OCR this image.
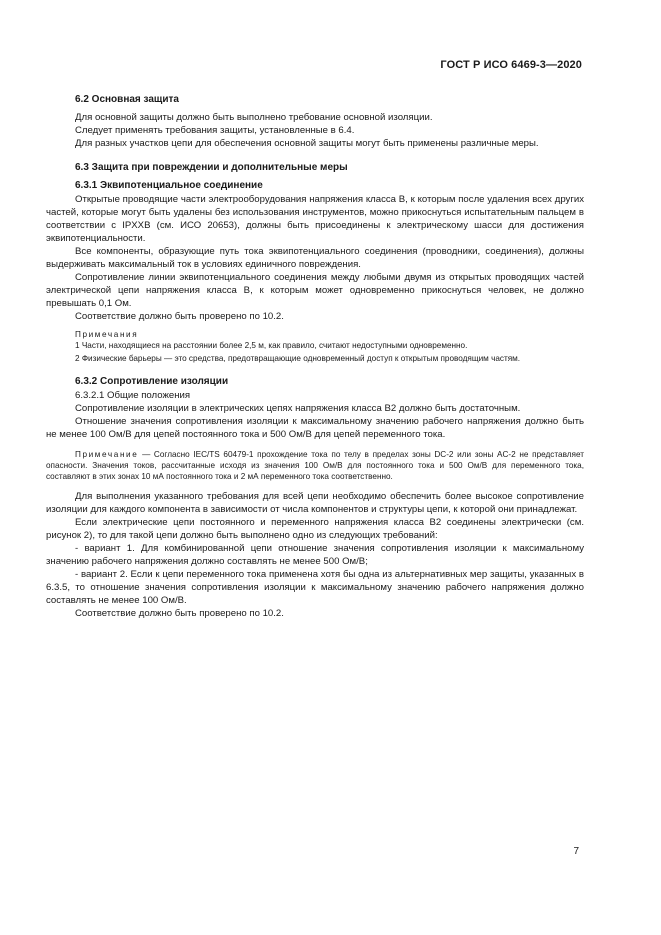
ГОСТ Р ИСО 6469-3—2020
6.2 Основная защита

Для основной защиты должно быть выполнено требование основной изоляции.

Следует применять требования защиты, установленные в 6.4.

Для разных участков цепи для обеспечения основной защиты могут быть применены различные меры.

6.3 Защита при повреждении и дополнительные меры
6.3.1 Эквипотенциальное соединение

Открытые проводящие части электрооборудования напряжения класса В, к которым после удаления всех других частей, которые могут быть удалены без использования инструментов, можно прикоснуться испытательным пальцем в соответствии с IPXXB (см. ИСО 20653), должны быть присоединены к электрическому шасси для достижения эквипотенциальности.

Все компоненты, образующие путь тока эквипотенциального соединения (проводники, соединения), должны выдерживать максимальный ток в условиях единичного повреждения.

Сопротивление линии эквипотенциального соединения между любыми двумя из открытых проводящих частей электрической цепи напряжения класса В, к которым может одновременно прикоснуться человек, не должно превышать 0,1 Ом.

Соответствие должно быть проверено по 10.2.

Примечания

1 Части, находящиеся на расстоянии более 2,5 м, как правило, считают недоступными одновременно.

2 Физические барьеры — это средства, предотвращающие одновременный доступ к открытым проводящим частям.

6.3.2 Сопротивление изоляции

6.3.2.1 Общие положения

Сопротивление изоляции в электрических цепях напряжения класса В2 должно быть достаточным.

Отношение значения сопротивления изоляции к максимальному значению рабочего напряжения должно быть не менее 100 Ом/В для цепей постоянного тока и 500 Ом/В для цепей переменного тока.

Примечание — Согласно IEC/TS 60479-1 прохождение тока по телу в пределах зоны DC-2 или зоны AC-2 не представляет опасности. Значения токов, рассчитанные исходя из значения 100 Ом/В для постоянного тока и 500 Ом/В для переменного тока, составляют в этих зонах 10 мА постоянного тока и 2 мА переменного тока соответственно.

Для выполнения указанного требования для всей цепи необходимо обеспечить более высокое сопротивление изоляции для каждого компонента в зависимости от числа компонентов и структуры цепи, к которой они принадлежат.

Если электрические цепи постоянного и переменного напряжения класса В2 соединены электрически (см. рисунок 2), то для такой цепи должно быть выполнено одно из следующих требований:

- вариант 1. Для комбинированной цепи отношение значения сопротивления изоляции к максимальному значению рабочего напряжения должно составлять не менее 500 Ом/В;

- вариант 2. Если к цепи переменного тока применена хотя бы одна из альтернативных мер защиты, указанных в 6.3.5, то отношение значения сопротивления изоляции к максимальному значению рабочего напряжения должно составлять не менее 100 Ом/В.

Соответствие должно быть проверено по 10.2.

7
